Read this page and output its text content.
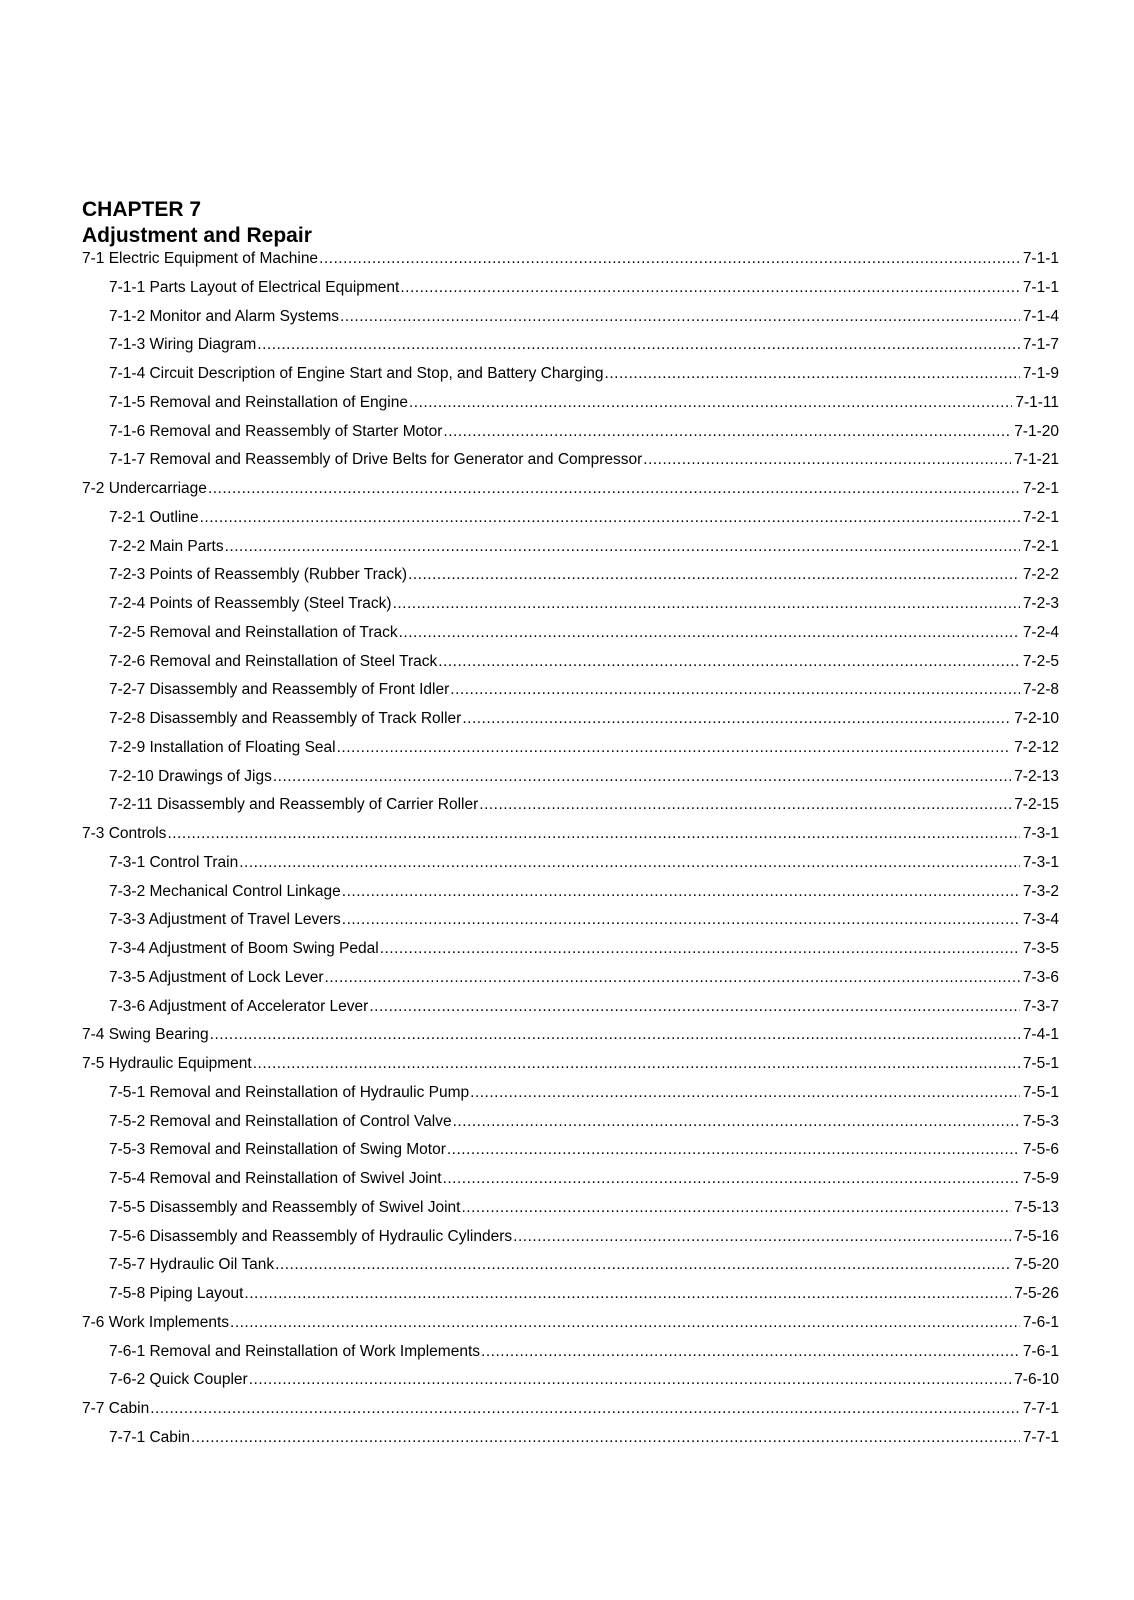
CHAPTER 7
Adjustment and Repair
7-1 Electric Equipment of Machine .....	7-1-1
7-1-1 Parts Layout of Electrical Equipment .....	7-1-1
7-1-2 Monitor and Alarm Systems .....	7-1-4
7-1-3 Wiring Diagram .....	7-1-7
7-1-4 Circuit Description of Engine Start and Stop, and Battery Charging .....	7-1-9
7-1-5 Removal and Reinstallation of Engine .....	7-1-11
7-1-6 Removal and Reassembly of Starter Motor .....	7-1-20
7-1-7 Removal and Reassembly of Drive Belts for Generator and Compressor .....	7-1-21
7-2 Undercarriage .....	7-2-1
7-2-1 Outline .....	7-2-1
7-2-2 Main Parts .....	7-2-1
7-2-3 Points of Reassembly (Rubber Track) .....	7-2-2
7-2-4 Points of Reassembly (Steel Track) .....	7-2-3
7-2-5 Removal and Reinstallation of Track .....	7-2-4
7-2-6 Removal and Reinstallation of Steel Track .....	7-2-5
7-2-7 Disassembly and Reassembly of Front Idler .....	7-2-8
7-2-8 Disassembly and Reassembly of Track Roller .....	7-2-10
7-2-9 Installation of Floating Seal .....	7-2-12
7-2-10 Drawings of Jigs .....	7-2-13
7-2-11 Disassembly and Reassembly of Carrier Roller .....	7-2-15
7-3 Controls .....	7-3-1
7-3-1 Control Train .....	7-3-1
7-3-2 Mechanical Control Linkage .....	7-3-2
7-3-3 Adjustment of Travel Levers .....	7-3-4
7-3-4 Adjustment of Boom Swing Pedal .....	7-3-5
7-3-5 Adjustment of Lock Lever .....	7-3-6
7-3-6 Adjustment of Accelerator Lever .....	7-3-7
7-4 Swing Bearing .....	7-4-1
7-5 Hydraulic Equipment .....	7-5-1
7-5-1 Removal and Reinstallation of Hydraulic Pump .....	7-5-1
7-5-2 Removal and Reinstallation of Control Valve .....	7-5-3
7-5-3 Removal and Reinstallation of Swing Motor .....	7-5-6
7-5-4 Removal and Reinstallation of Swivel Joint .....	7-5-9
7-5-5 Disassembly and Reassembly of Swivel Joint .....	7-5-13
7-5-6 Disassembly and Reassembly of Hydraulic Cylinders .....	7-5-16
7-5-7 Hydraulic Oil Tank .....	7-5-20
7-5-8 Piping Layout .....	7-5-26
7-6 Work Implements .....	7-6-1
7-6-1 Removal and Reinstallation of Work Implements .....	7-6-1
7-6-2 Quick Coupler .....	7-6-10
7-7 Cabin .....	7-7-1
7-7-1 Cabin .....	7-7-1
